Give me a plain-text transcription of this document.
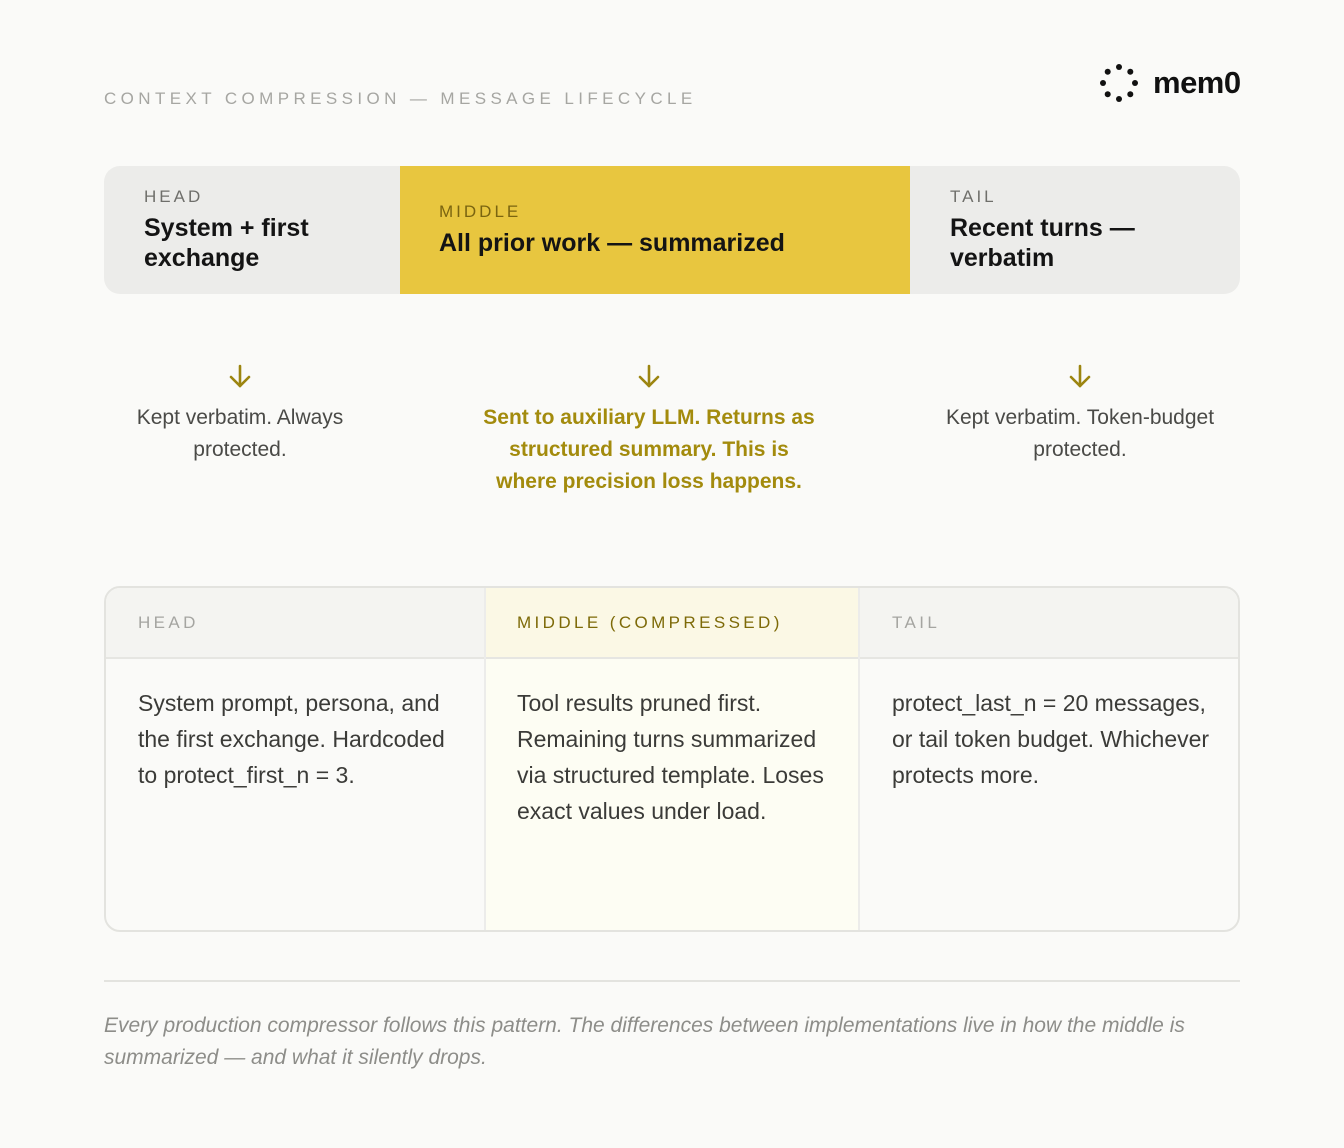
CONTEXT COMPRESSION — MESSAGE LIFECYCLE	mem0
HEAD
System + first exchange
MIDDLE
All prior work — summarized
TAIL
Recent turns — verbatim
Kept verbatim. Always protected.
Sent to auxiliary LLM. Returns as structured summary. This is where precision loss happens.
Kept verbatim. Token-budget protected.
HEAD
System prompt, persona, and the first exchange. Hardcoded to protect_first_n = 3.
MIDDLE (COMPRESSED)
Tool results pruned first. Remaining turns summarized via structured template. Loses exact values under load.
TAIL
protect_last_n = 20 messages, or tail token budget. Whichever protects more.
Every production compressor follows this pattern. The differences between implementations live in how the middle is summarized — and what it silently drops.
